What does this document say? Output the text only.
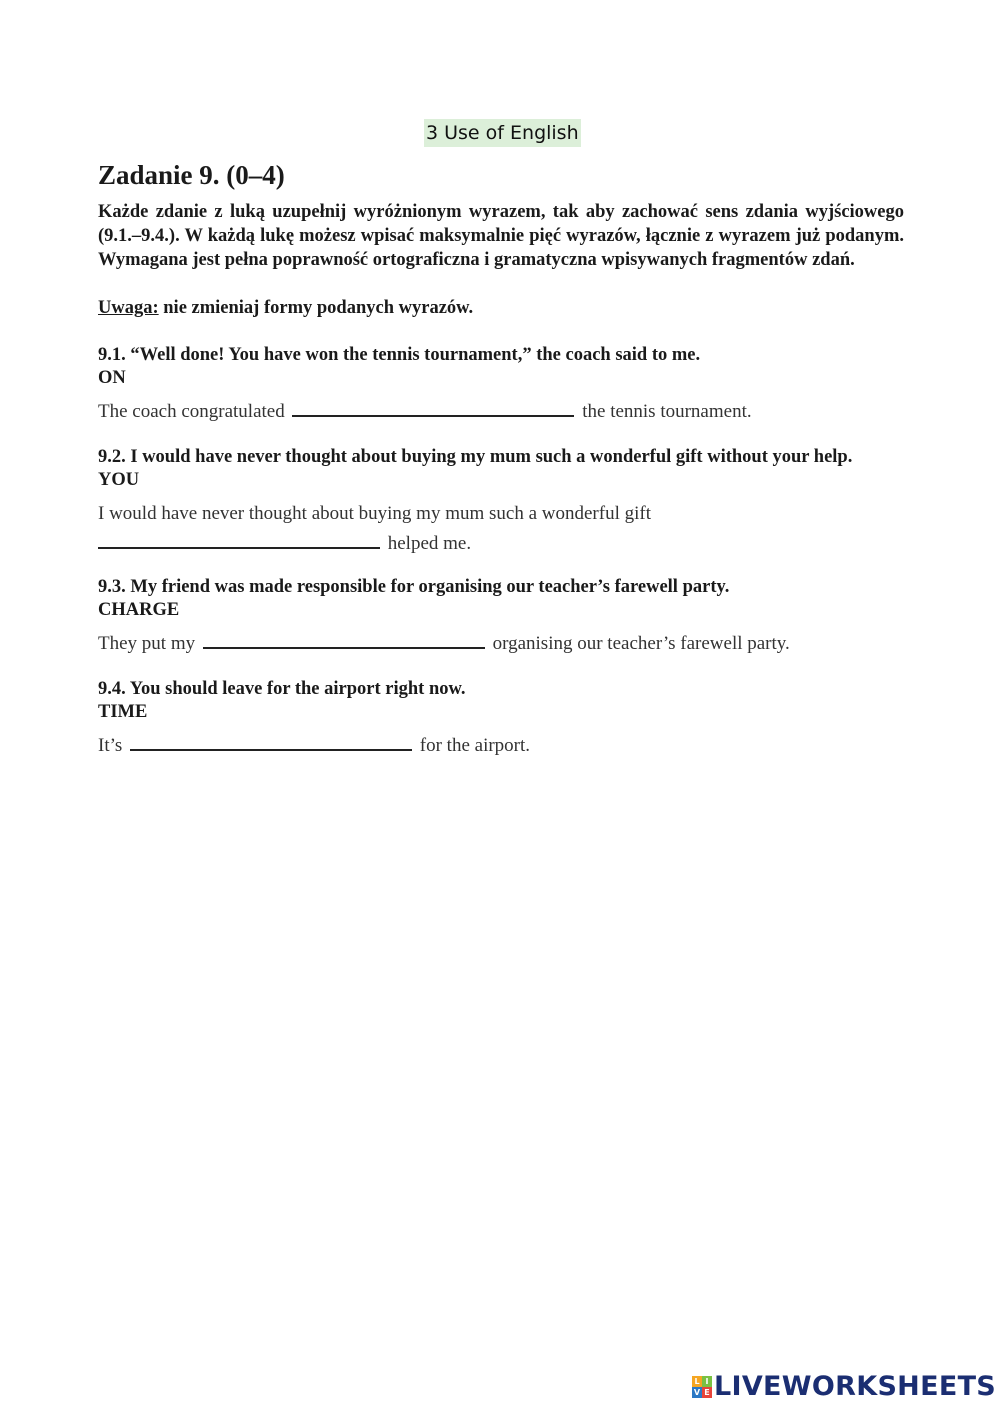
3 Use of English
Zadanie 9. (0–4)

Każde zdanie z luką uzupełnij wyróżnionym wyrazem, tak aby zachować sens zdania wyjściowego (9.1.–9.4.). W każdą lukę możesz wpisać maksymalnie pięć wyrazów, łącznie z wyrazem już podanym. Wymagana jest pełna poprawność ortograficzna i gramatyczna wpisywanych fragmentów zdań.

Uwaga: nie zmieniaj formy podanych wyrazów.
9.1. “Well done! You have won the tennis tournament,” the coach said to me.
ON
The coach congratulated	the tennis tournament.
9.2. I would have never thought about buying my mum such a wonderful gift without your help.
YOU
I would have never thought about buying my mum such a wonderful gift
helped me.
9.3. My friend was made responsible for organising our teacher’s farewell party.
CHARGE
They put my	organising our teacher’s farewell party.
9.4. You should leave for the airport right now.
TIME
It’s	for the airport.
L I
V E LIVEWORKSHEETS
